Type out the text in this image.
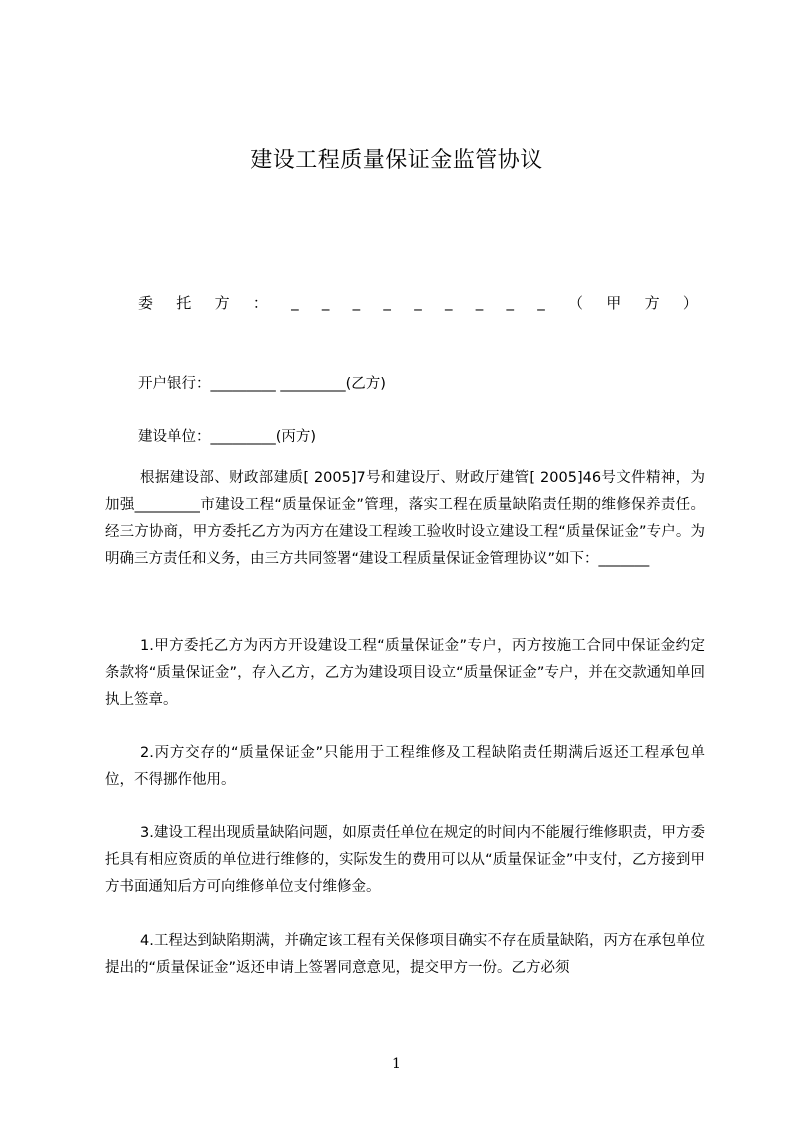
建设工程质量保证金监管协议
委 托 方 ： _ _ _ _ _ _ _ _ _ （ 甲 方 ）
开户银行：_________ _________(乙方)
建设单位：_________(丙方)

根据建设部、财政部建质[ 2005]7号和建设厅、财政厅建管[ 2005]46号文件精神，为加强_________市建设工程“质量保证金”管理，落实工程在质量缺陷责任期的维修保养责任。经三方协商，甲方委托乙方为丙方在建设工程竣工验收时设立建设工程“质量保证金”专户。为明确三方责任和义务，由三方共同签署“建设工程质量保证金管理协议”如下：_______

1.甲方委托乙方为丙方开设建设工程“质量保证金”专户，丙方按施工合同中保证金约定条款将“质量保证金”，存入乙方，乙方为建设项目设立“质量保证金”专户，并在交款通知单回执上签章。

2.丙方交存的“质量保证金”只能用于工程维修及工程缺陷责任期满后返还工程承包单位，不得挪作他用。

3.建设工程出现质量缺陷问题，如原责任单位在规定的时间内不能履行维修职责，甲方委托具有相应资质的单位进行维修的，实际发生的费用可以从“质量保证金”中支付，乙方接到甲方书面通知后方可向维修单位支付维修金。

4.工程达到缺陷期满，并确定该工程有关保修项目确实不存在质量缺陷，丙方在承包单位提出的“质量保证金”返还申请上签署同意意见，提交甲方一份。乙方必须

1
